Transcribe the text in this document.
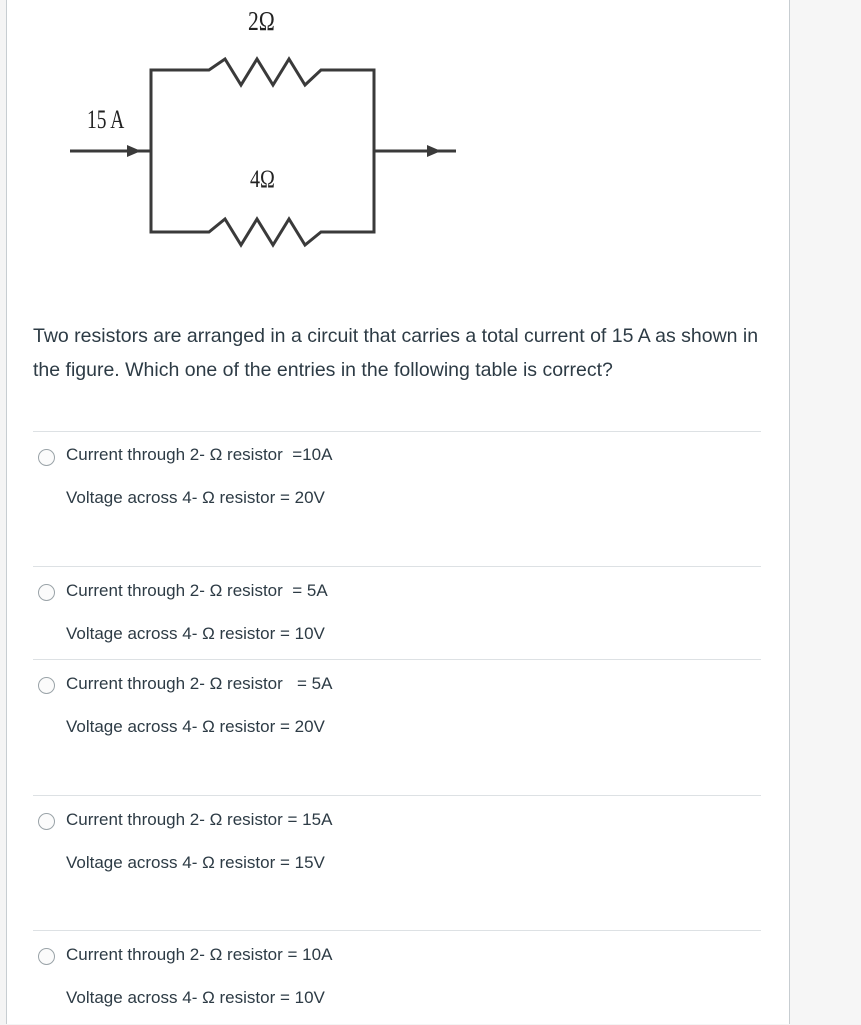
2Ω
4Ω
15 A
Two resistors are arranged in a circuit that carries a total current of 15 A as shown in the figure. Which one of the entries in the following table is correct?
Current through 2- Ω resistor  =10A
Voltage across 4- Ω resistor = 20V
Current through 2- Ω resistor  = 5A
Voltage across 4- Ω resistor = 10V
Current through 2- Ω resistor   = 5A
Voltage across 4- Ω resistor = 20V
Current through 2- Ω resistor = 15A
Voltage across 4- Ω resistor = 15V
Current through 2- Ω resistor = 10A
Voltage across 4- Ω resistor = 10V
